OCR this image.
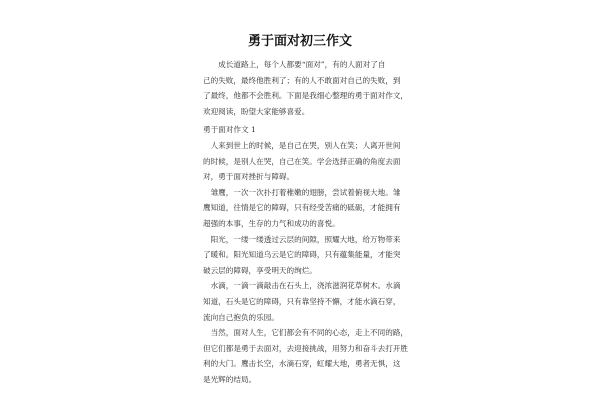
勇于面对初三作文

　　成长道路上，每个人都要“面对”，有的人面对了自
己的失败，最终他胜利了；有的人不敢面对自己的失败，到
了最终，他都不会胜利。下面是我细心整理的勇于面对作文，
欢迎阅读，盼望大家能够喜爱。

勇于面对作文 1

　人来到世上的时候，是自己在哭，别人在笑；人离开世间
的时候，是别人在哭，自己在笑。学会选择正确的角度去面
对，勇于面对挫折与障碍。

　雏鹰，一次一次扑打着稚嫩的翅膀，尝试着俯视大地。雏
鹰知道，往情是它的障碍，只有经受苦痛的砥砺，才能拥有
超强的本事，生存的力气和成功的喜悦。

　阳光，一缕一缕透过云层的间隙，照耀大地，给万物带来
了暖和。阳光知道乌云是它的障碍，只有蕴集能量，才能突
破云层的障碍，享受明天的绚烂。

　水滴，一滴一滴敲击在石头上，浇浓滋润花草树木。水滴
知道，石头是它的障碍，只有靠坚持不懈，才能水滴石穿，
流向自己抱负的乐园。

　当然，面对人生，它们都会有不同的心态，走上不同的路，
但它们都是勇于去面对，去迎接挑战，用努力和奋斗去打开胜
利的大门。鹰击长空，水滴石穿，虹耀大地，勇者无惧，这
是光辉的结局。
